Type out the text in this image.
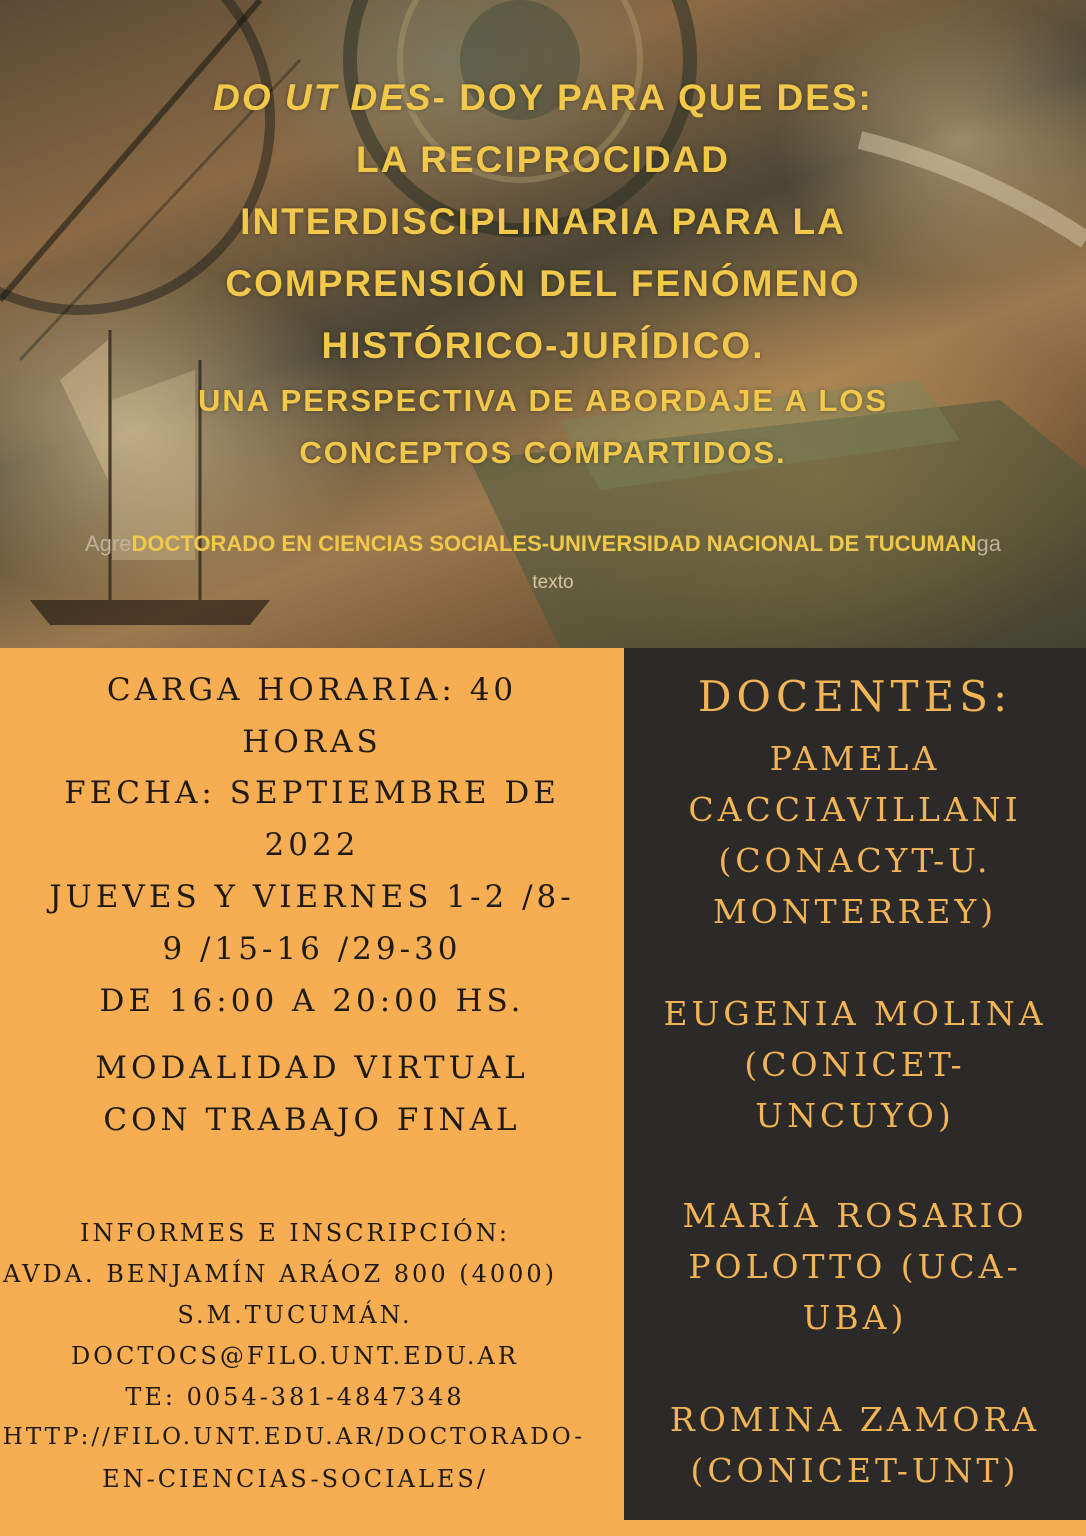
DO UT DES- DOY PARA QUE DES:
LA RECIPROCIDAD
INTERDISCIPLINARIA PARA LA
COMPRENSIÓN DEL FENÓMENO
HISTÓRICO-JURÍDICO.
UNA PERSPECTIVA DE ABORDAJE A LOS
CONCEPTOS COMPARTIDOS.
AgreDOCTORADO EN CIENCIAS SOCIALES-UNIVERSIDAD NACIONAL DE TUCUMANga
texto
CARGA HORARIA: 40
HORAS
FECHA: SEPTIEMBRE DE
2022
JUEVES Y VIERNES 1-2 /8-
9 /15-16 /29-30
DE 16:00 A 20:00 HS.
MODALIDAD VIRTUAL
CON TRABAJO FINAL
INFORMES E INSCRIPCIÓN:
AVDA. BENJAMÍN ARÁOZ 800 (4000)
S.M.TUCUMÁN.
DOCTOCS@FILO.UNT.EDU.AR
TE: 0054-381-4847348
HTTP://FILO.UNT.EDU.AR/DOCTORADO-
EN-CIENCIAS-SOCIALES/
DOCENTES:
PAMELA
CACCIAVILLANI
(CONACYT-U.
MONTERREY)
EUGENIA MOLINA
(CONICET-
UNCUYO)
MARÍA ROSARIO
POLOTTO (UCA-
UBA)
ROMINA ZAMORA
(CONICET-UNT)
